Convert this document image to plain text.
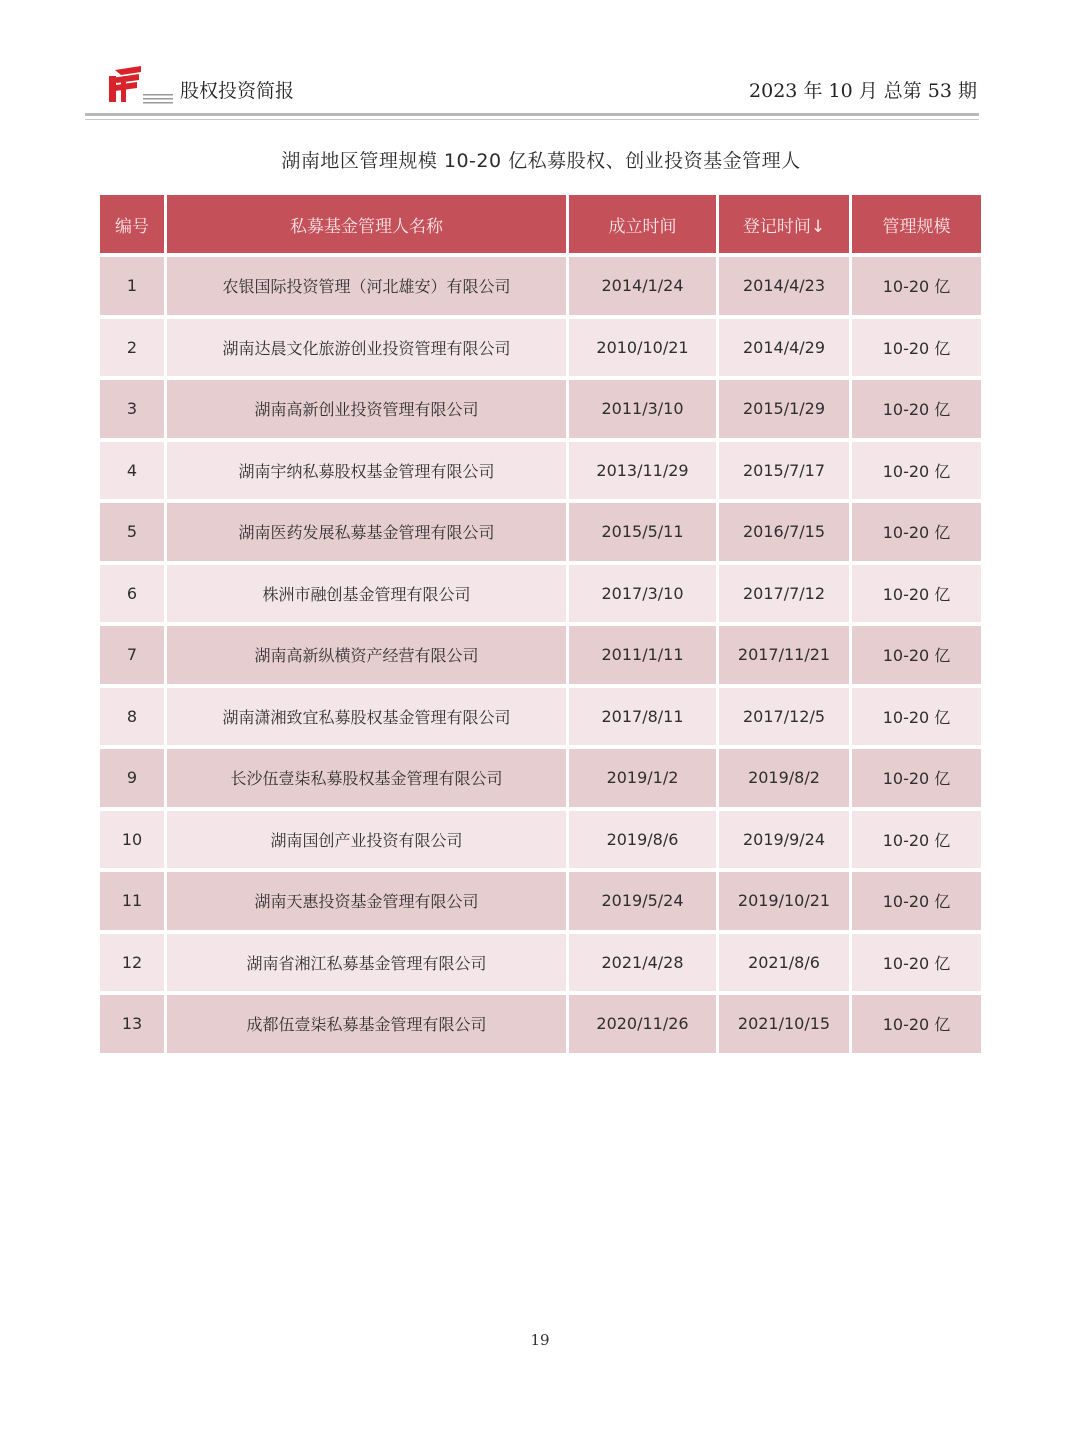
股权投资简报	2023 年 10 月 总第 53 期
湖南地区管理规模 10-20 亿私募股权、创业投资基金管理人
编号	私募基金管理人名称	成立时间	登记时间↓	管理规模
1	农银国际投资管理（河北雄安）有限公司	2014/1/24	2014/4/23	10-20 亿
2	湖南达晨文化旅游创业投资管理有限公司	2010/10/21	2014/4/29	10-20 亿
3	湖南高新创业投资管理有限公司	2011/3/10	2015/1/29	10-20 亿
4	湖南宇纳私募股权基金管理有限公司	2013/11/29	2015/7/17	10-20 亿
5	湖南医药发展私募基金管理有限公司	2015/5/11	2016/7/15	10-20 亿
6	株洲市融创基金管理有限公司	2017/3/10	2017/7/12	10-20 亿
7	湖南高新纵横资产经营有限公司	2011/1/11	2017/11/21	10-20 亿
8	湖南潇湘致宜私募股权基金管理有限公司	2017/8/11	2017/12/5	10-20 亿
9	长沙伍壹柒私募股权基金管理有限公司	2019/1/2	2019/8/2	10-20 亿
10	湖南国创产业投资有限公司	2019/8/6	2019/9/24	10-20 亿
11	湖南天惠投资基金管理有限公司	2019/5/24	2019/10/21	10-20 亿
12	湖南省湘江私募基金管理有限公司	2021/4/28	2021/8/6	10-20 亿
13	成都伍壹柒私募基金管理有限公司	2020/11/26	2021/10/15	10-20 亿
19
